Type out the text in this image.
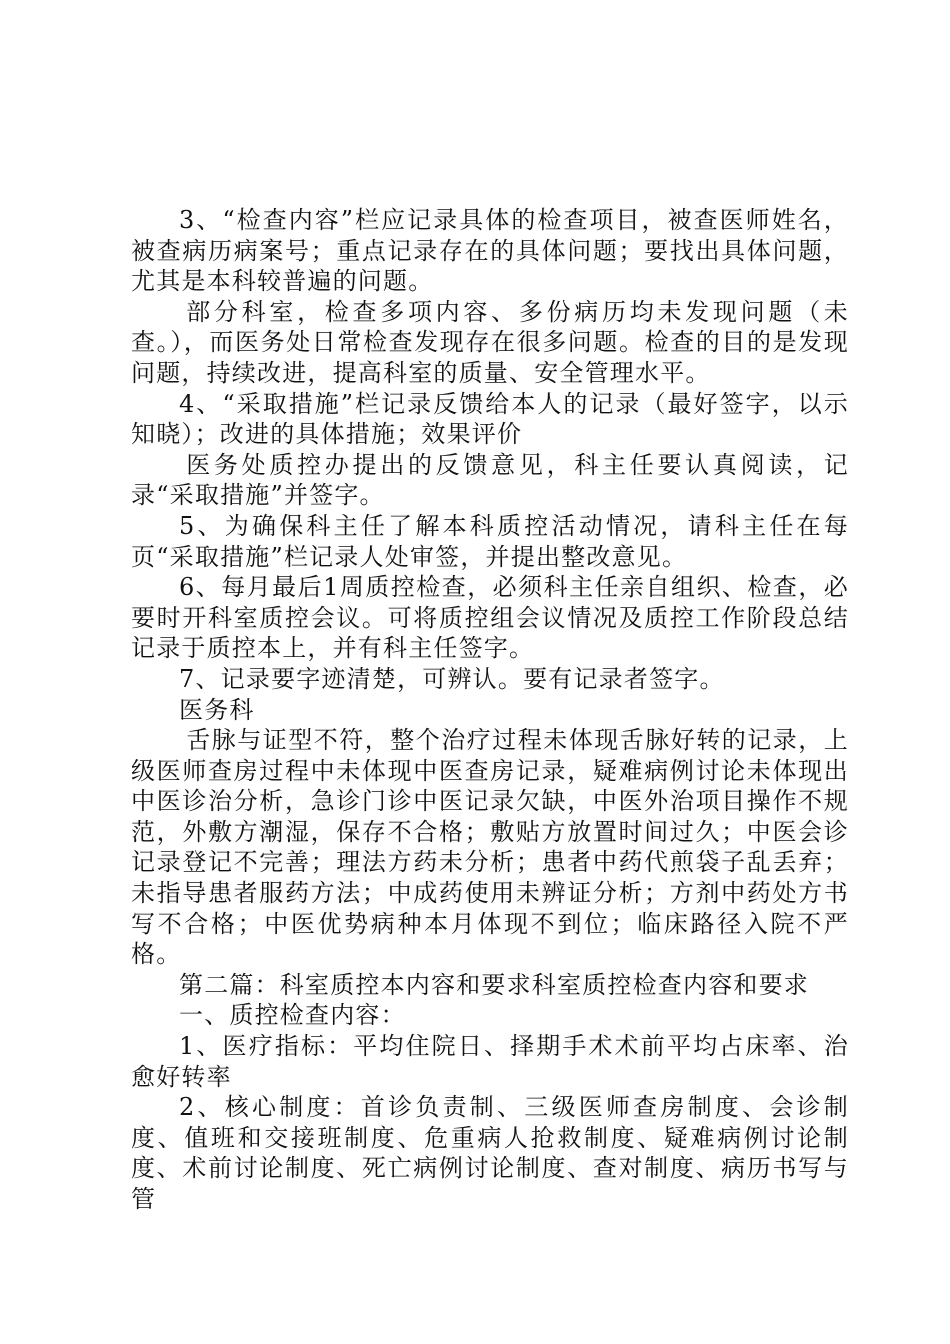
3、“检查内容”栏应记录具体的检查项目，被查医师姓名，被查病历病案号；重点记录存在的具体问题；要找出具体问题，尤其是本科较普遍的问题。

部分科室，检查多项内容、多份病历均未发现问题（未查。），而医务处日常检查发现存在很多问题。检查的目的是发现问题，持续改进，提高科室的质量、安全管理水平。

4、“采取措施”栏记录反馈给本人的记录（最好签字，以示知晓）；改进的具体措施；效果评价

医务处质控办提出的反馈意见，科主任要认真阅读，记录“采取措施”并签字。

5、为确保科主任了解本科质控活动情况，请科主任在每页“采取措施”栏记录人处审签，并提出整改意见。

6、每月最后1周质控检查，必须科主任亲自组织、检查，必要时开科室质控会议。可将质控组会议情况及质控工作阶段总结记录于质控本上，并有科主任签字。

7、记录要字迹清楚，可辨认。要有记录者签字。

医务科

舌脉与证型不符，整个治疗过程未体现舌脉好转的记录，上级医师查房过程中未体现中医查房记录，疑难病例讨论未体现出中医诊治分析，急诊门诊中医记录欠缺，中医外治项目操作不规范，外敷方潮湿，保存不合格；敷贴方放置时间过久；中医会诊记录登记不完善；理法方药未分析；患者中药代煎袋子乱丢弃；未指导患者服药方法；中成药使用未辨证分析；方剂中药处方书写不合格；中医优势病种本月体现不到位；临床路径入院不严格。

第二篇：科室质控本内容和要求科室质控检查内容和要求

一、质控检查内容：

1、医疗指标：平均住院日、择期手术术前平均占床率、治愈好转率

2、核心制度：首诊负责制、三级医师查房制度、会诊制度、值班和交接班制度、危重病人抢救制度、疑难病例讨论制度、术前讨论制度、死亡病例讨论制度、查对制度、病历书写与管
